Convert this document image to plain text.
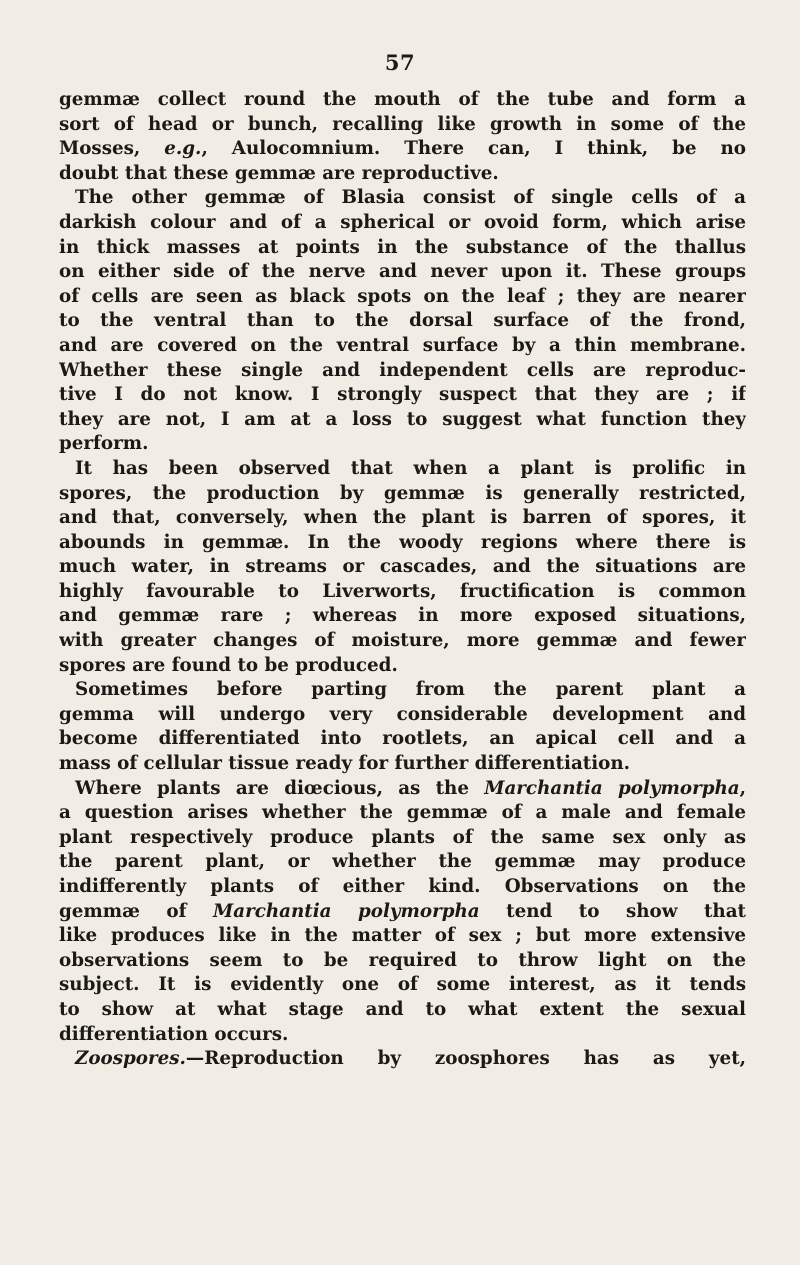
57
gemmæ collect round the mouth of the tube and form a
sort of head or bunch, recalling like growth in some of the
Mosses, e.g., Aulocomnium. There can, I think, be no
doubt that these gemmæ are reproductive.
The other gemmæ of Blasia consist of single cells of a
darkish colour and of a spherical or ovoid form, which arise
in thick masses at points in the substance of the thallus
on either side of the nerve and never upon it. These groups
of cells are seen as black spots on the leaf ; they are nearer
to the ventral than to the dorsal surface of the frond,
and are covered on the ventral surface by a thin membrane.
Whether these single and independent cells are reproduc-
tive I do not know. I strongly suspect that they are ; if
they are not, I am at a loss to suggest what function they
perform.
It has been observed that when a plant is prolific in
spores, the production by gemmæ is generally restricted,
and that, conversely, when the plant is barren of spores, it
abounds in gemmæ. In the woody regions where there is
much water, in streams or cascades, and the situations are
highly favourable to Liverworts, fructification is common
and gemmæ rare ; whereas in more exposed situations,
with greater changes of moisture, more gemmæ and fewer
spores are found to be produced.
Sometimes before parting from the parent plant a
gemma will undergo very considerable development and
become differentiated into rootlets, an apical cell and a
mass of cellular tissue ready for further differentiation.
Where plants are diœcious, as the Marchantia polymorpha,
a question arises whether the gemmæ of a male and female
plant respectively produce plants of the same sex only as
the parent plant, or whether the gemmæ may produce
indifferently plants of either kind. Observations on the
gemmæ of Marchantia polymorpha tend to show that
like produces like in the matter of sex ; but more extensive
observations seem to be required to throw light on the
subject. It is evidently one of some interest, as it tends
to show at what stage and to what extent the sexual
differentiation occurs.
Zoospores.—Reproduction by zoosphores has as yet,
